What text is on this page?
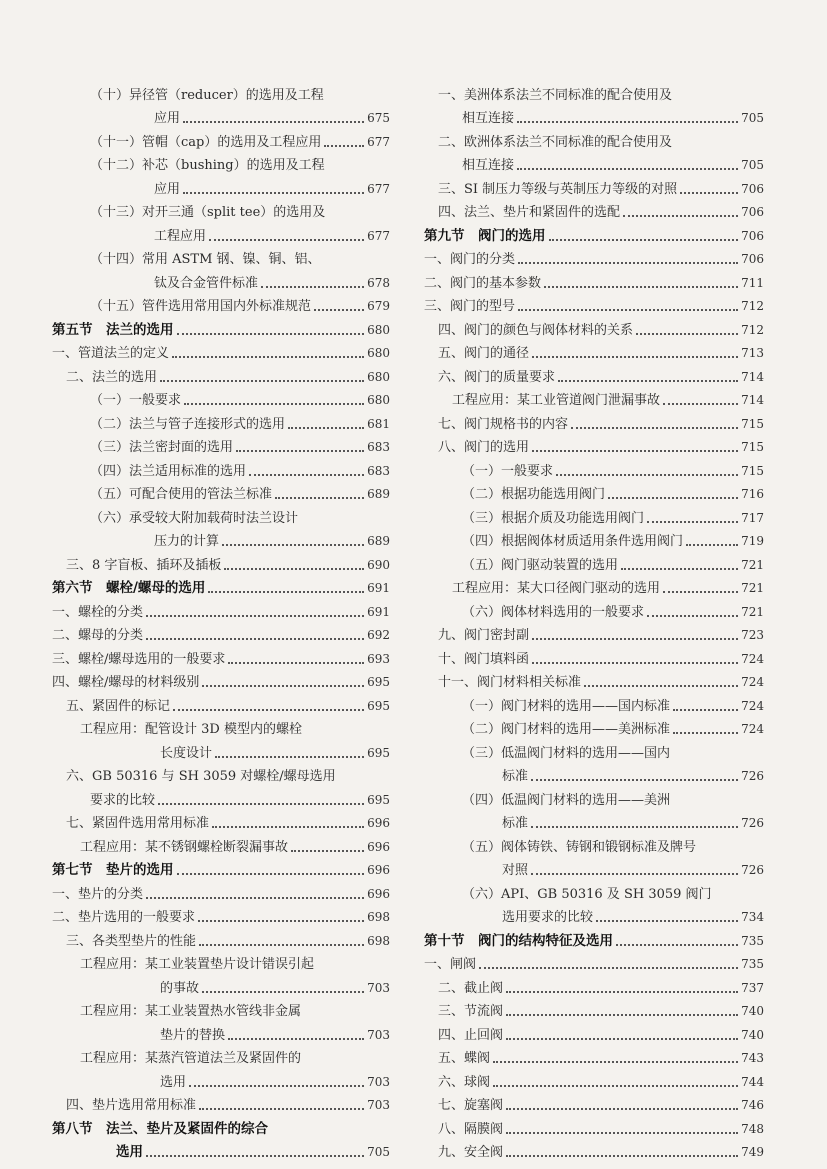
（十）异径管（reducer）的选用及工程
应用	675
（十一）管帽（cap）的选用及工程应用	677
（十二）补芯（bushing）的选用及工程
应用	677
（十三）对开三通（split tee）的选用及
工程应用	677
（十四）常用 ASTM 钢、镍、铜、铝、
钛及合金管件标准	678
（十五）管件选用常用国内外标准规范	679
第五节　法兰的选用	680
一、管道法兰的定义	680
二、法兰的选用	680
（一）一般要求	680
（二）法兰与管子连接形式的选用	681
（三）法兰密封面的选用	683
（四）法兰适用标准的选用	683
（五）可配合使用的管法兰标准	689
（六）承受较大附加载荷时法兰设计
压力的计算	689
三、8 字盲板、插环及插板	690
第六节　螺栓/螺母的选用	691
一、螺栓的分类	691
二、螺母的分类	692
三、螺栓/螺母选用的一般要求	693
四、螺栓/螺母的材料级别	695
五、紧固件的标记	695
工程应用：配管设计 3D 模型内的螺栓
长度设计	695
六、GB 50316 与 SH 3059 对螺栓/螺母选用
要求的比较	695
七、紧固件选用常用标准	696
工程应用：某不锈钢螺栓断裂漏事故	696
第七节　垫片的选用	696
一、垫片的分类	696
二、垫片选用的一般要求	698
三、各类型垫片的性能	698
工程应用：某工业装置垫片设计错误引起
的事故	703
工程应用：某工业装置热水管线非金属
垫片的替换	703
工程应用：某蒸汽管道法兰及紧固件的
选用	703
四、垫片选用常用标准	703
第八节　法兰、垫片及紧固件的综合
选用	705
一、美洲体系法兰不同标准的配合使用及
相互连接	705
二、欧洲体系法兰不同标准的配合使用及
相互连接	705
三、SI 制压力等级与英制压力等级的对照	706
四、法兰、垫片和紧固件的选配	706
第九节　阀门的选用	706
一、阀门的分类	706
二、阀门的基本参数	711
三、阀门的型号	712
四、阀门的颜色与阀体材料的关系	712
五、阀门的通径	713
六、阀门的质量要求	714
工程应用：某工业管道阀门泄漏事故	714
七、阀门规格书的内容	715
八、阀门的选用	715
（一）一般要求	715
（二）根据功能选用阀门	716
（三）根据介质及功能选用阀门	717
（四）根据阀体材质适用条件选用阀门	719
（五）阀门驱动装置的选用	721
工程应用：某大口径阀门驱动的选用	721
（六）阀体材料选用的一般要求	721
九、阀门密封副	723
十、阀门填料函	724
十一、阀门材料相关标准	724
（一）阀门材料的选用——国内标准	724
（二）阀门材料的选用——美洲标准	724
（三）低温阀门材料的选用——国内
标准	726
（四）低温阀门材料的选用——美洲
标准	726
（五）阀体铸铁、铸钢和锻钢标准及牌号
对照	726
（六）API、GB 50316 及 SH 3059 阀门
选用要求的比较	734
第十节　阀门的结构特征及选用	735
一、闸阀	735
二、截止阀	737
三、节流阀	740
四、止回阀	740
五、蝶阀	743
六、球阀	744
七、旋塞阀	746
八、隔膜阀	748
九、安全阀	749
